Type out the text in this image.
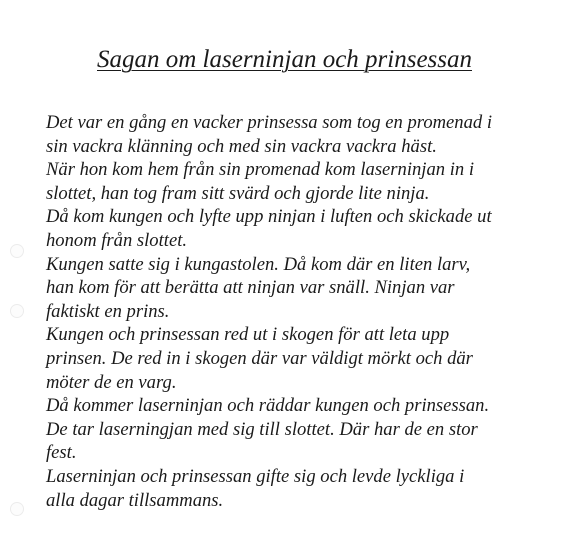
Sagan om laserninjan och prinsessan
Det var en gång en vacker prinsessa som tog en promenad i
sin vackra klänning och med sin vackra vackra häst.
När hon kom hem från sin promenad kom laserninjan in i
slottet, han tog fram sitt svärd och gjorde lite ninja.
Då kom kungen och lyfte upp ninjan i luften och skickade ut
honom från slottet.
Kungen satte sig i kungastolen. Då kom där en liten larv,
han kom för att berätta att ninjan var snäll. Ninjan var
faktiskt en prins.
Kungen och prinsessan red ut i skogen för att leta upp
prinsen. De red in i skogen där var väldigt mörkt och där
möter de en varg.
Då kommer laserninjan och räddar kungen och prinsessan.
De tar laserningjan med sig till slottet. Där har de en stor
fest.
Laserninjan och prinsessan gifte sig och levde lyckliga i
alla dagar tillsammans.
